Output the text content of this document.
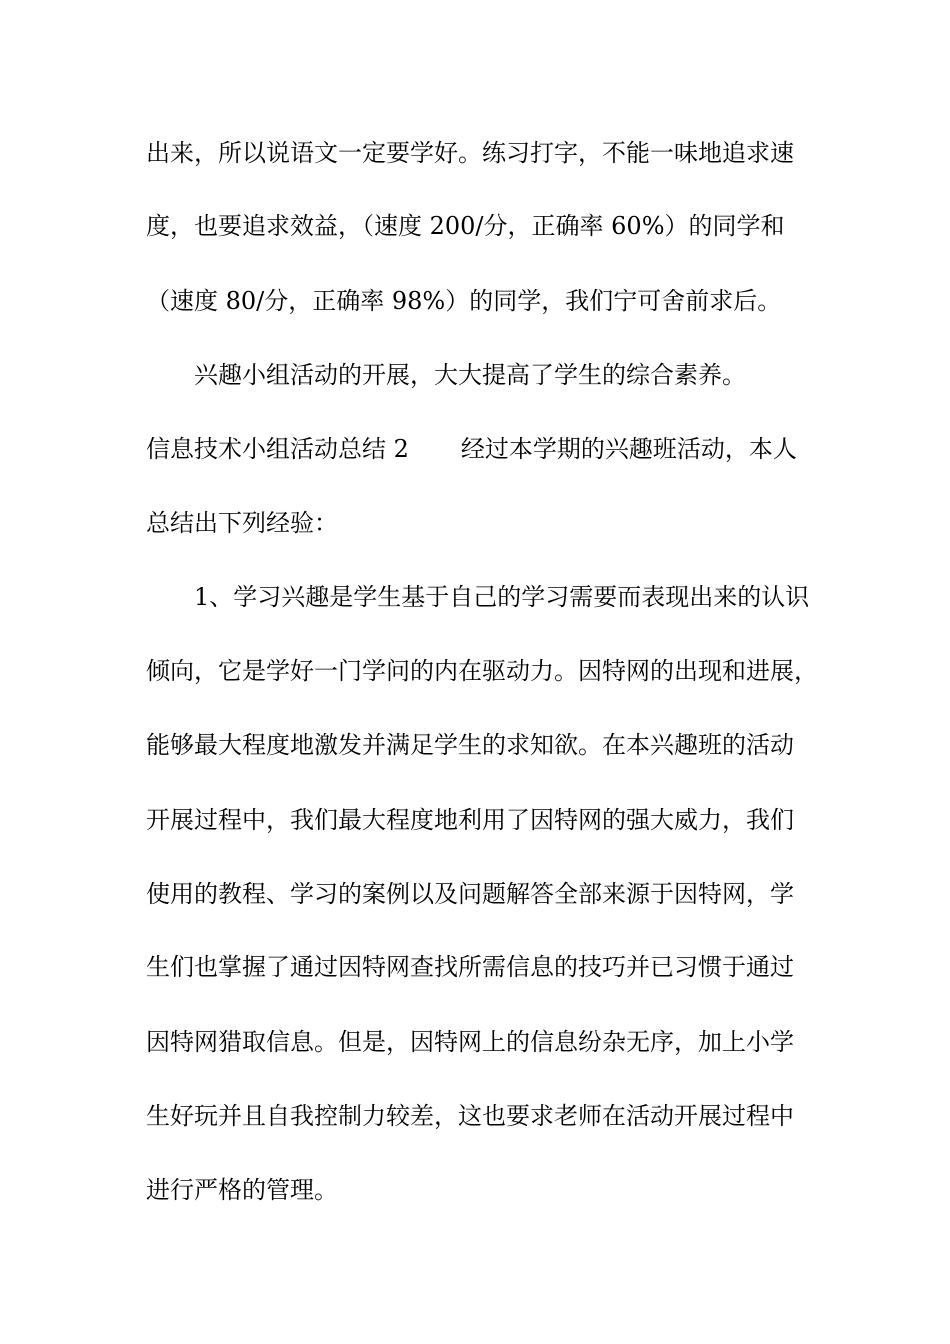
出来，所以说语文一定要学好。练习打字，不能一味地追求速
度，也要追求效益，（速度 200/分，正确率 60%）的同学和
（速度 80/分，正确率 98%）的同学，我们宁可舍前求后。
兴趣小组活动的开展，大大提高了学生的综合素养。
信息技术小组活动总结 2 经过本学期的兴趣班活动，本人
总结出下列经验：
1、学习兴趣是学生基于自己的学习需要而表现出来的认识
倾向，它是学好一门学问的内在驱动力。因特网的出现和进展，
能够最大程度地激发并满足学生的求知欲。在本兴趣班的活动
开展过程中，我们最大程度地利用了因特网的强大威力，我们
使用的教程、学习的案例以及问题解答全部来源于因特网，学
生们也掌握了通过因特网查找所需信息的技巧并已习惯于通过
因特网猎取信息。但是，因特网上的信息纷杂无序，加上小学
生好玩并且自我控制力较差，这也要求老师在活动开展过程中
进行严格的管理。
